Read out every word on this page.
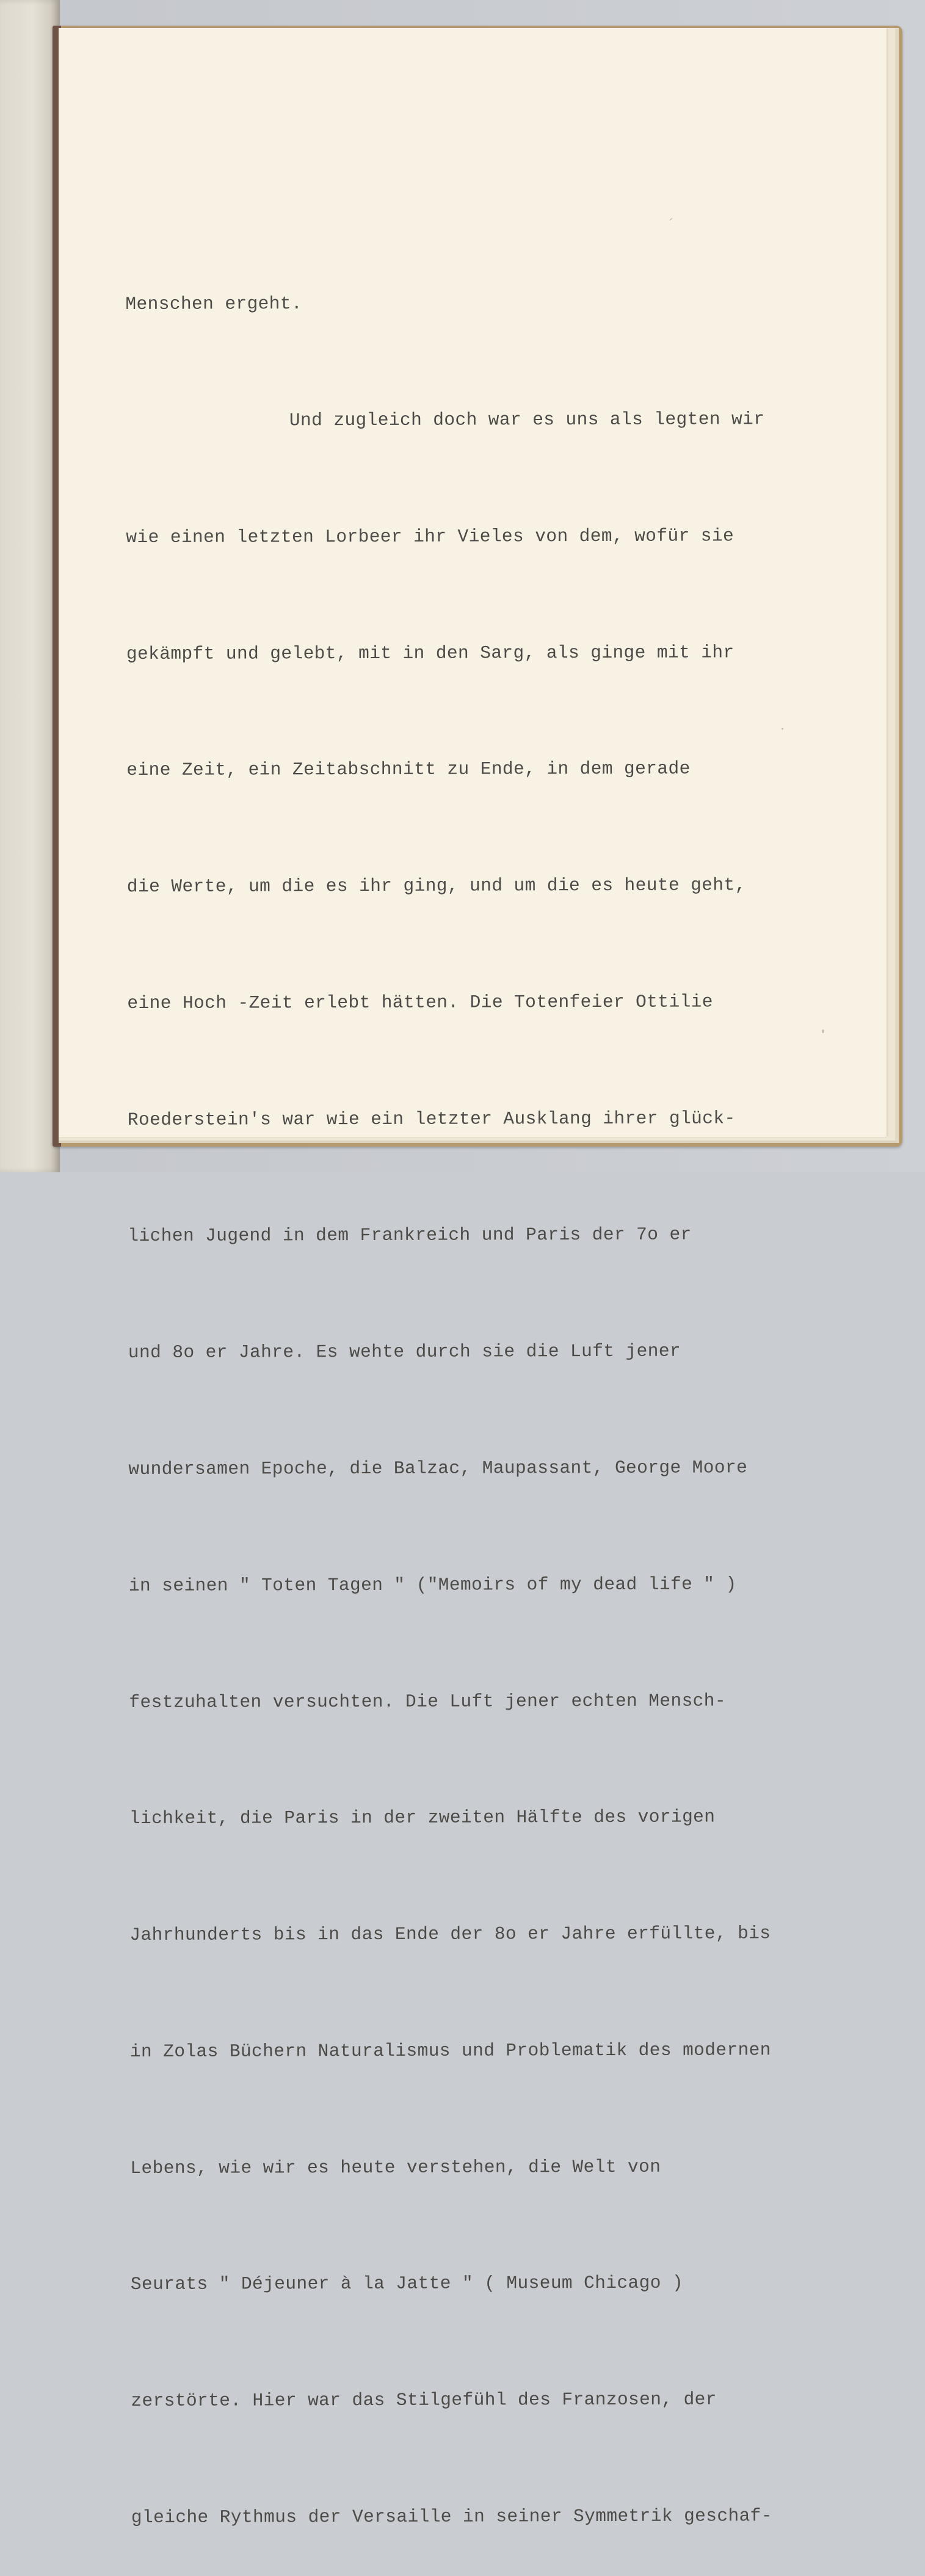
Menschen ergeht.

Und zugleich doch war es uns als legten wir

wie einen letzten Lorbeer ihr Vieles von dem, wofür sie

gekämpft und gelebt, mit in den Sarg, als ginge mit ihr

eine Zeit, ein Zeitabschnitt zu Ende, in dem gerade

die Werte, um die es ihr ging, und um die es heute geht,

eine Hoch -Zeit erlebt hätten. Die Totenfeier Ottilie

Roederstein's war wie ein letzter Ausklang ihrer glück-

lichen Jugend in dem Frankreich und Paris der 7o er

und 8o er Jahre. Es wehte durch sie die Luft jener

wundersamen Epoche, die Balzac, Maupassant, George Moore

in seinen " Toten Tagen " ("Memoirs of my dead life " )

festzuhalten versuchten. Die Luft jener echten Mensch-

lichkeit, die Paris in der zweiten Hälfte des vorigen

Jahrhunderts bis in das Ende der 8o er Jahre erfüllte, bis

in Zolas Büchern Naturalismus und Problematik des modernen

Lebens, wie wir es heute verstehen, die Welt von

Seurats " Déjeuner à la Jatte " ( Museum Chicago )

zerstörte. Hier war das Stilgefühl des Franzosen, der

gleiche Rythmus der Versaille in seiner Symmetrik geschaf-
